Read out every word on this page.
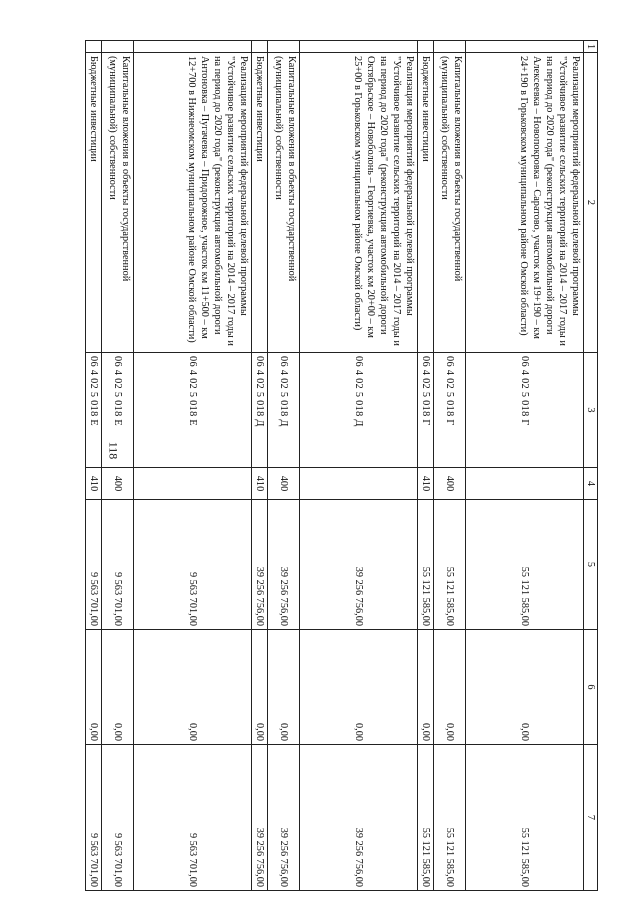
118
1	2	3	4	5	6	7
	Реализация мероприятий федеральной целевой программы "Устойчивое развитие сельских территорий на 2014 – 2017 годы и на период до 2020 года" (реконструкция автомобильной дороги Алексеевка – Новопокровка – Саратово, участок км 19+190 – км 24+190 в Горьковском муниципальном районе Омской области)	06 4 02 5 018 Г		55 121 585,00	0,00	55 121 585,00
	Капитальные вложения в объекты государственной (муниципальной) собственности	06 4 02 5 018 Г	400	55 121 585,00	0,00	55 121 585,00
	Бюджетные инвестиции	06 4 02 5 018 Г	410	55 121 585,00	0,00	55 121 585,00
	Реализация мероприятий федеральной целевой программы "Устойчивое развитие сельских территорий на 2014 – 2017 годы и на период до 2020 года" (реконструкция автомобильной дороги Октябрьское – Новоболонь – Георгиевка, участок км 20+00 – км 25+00 в Горьковском муниципальном районе Омской области)	06 4 02 5 018 Д		39 256 756,00	0,00	39 256 756,00
	Капитальные вложения в объекты государственной (муниципальной) собственности	06 4 02 5 018 Д	400	39 256 756,00	0,00	39 256 756,00
	Бюджетные инвестиции	06 4 02 5 018 Д	410	39 256 756,00	0,00	39 256 756,00
	Реализация мероприятий федеральной целевой программы "Устойчивое развитие сельских территорий на 2014 – 2017 годы и на период до 2020 года" (реконструкция автомобильной дороги Антоновка – Пугачевка – Придорожное, участок км 11+500 – км 12+700 в Нижнеомском муниципальном районе Омской области)	06 4 02 5 018 Е		9 563 701,00	0,00	9 563 701,00
	Капитальные вложения в объекты государственной (муниципальной) собственности	06 4 02 5 018 Е	400	9 563 701,00	0,00	9 563 701,00
	Бюджетные инвестиции	06 4 02 5 018 Е	410	9 563 701,00	0,00	9 563 701,00
